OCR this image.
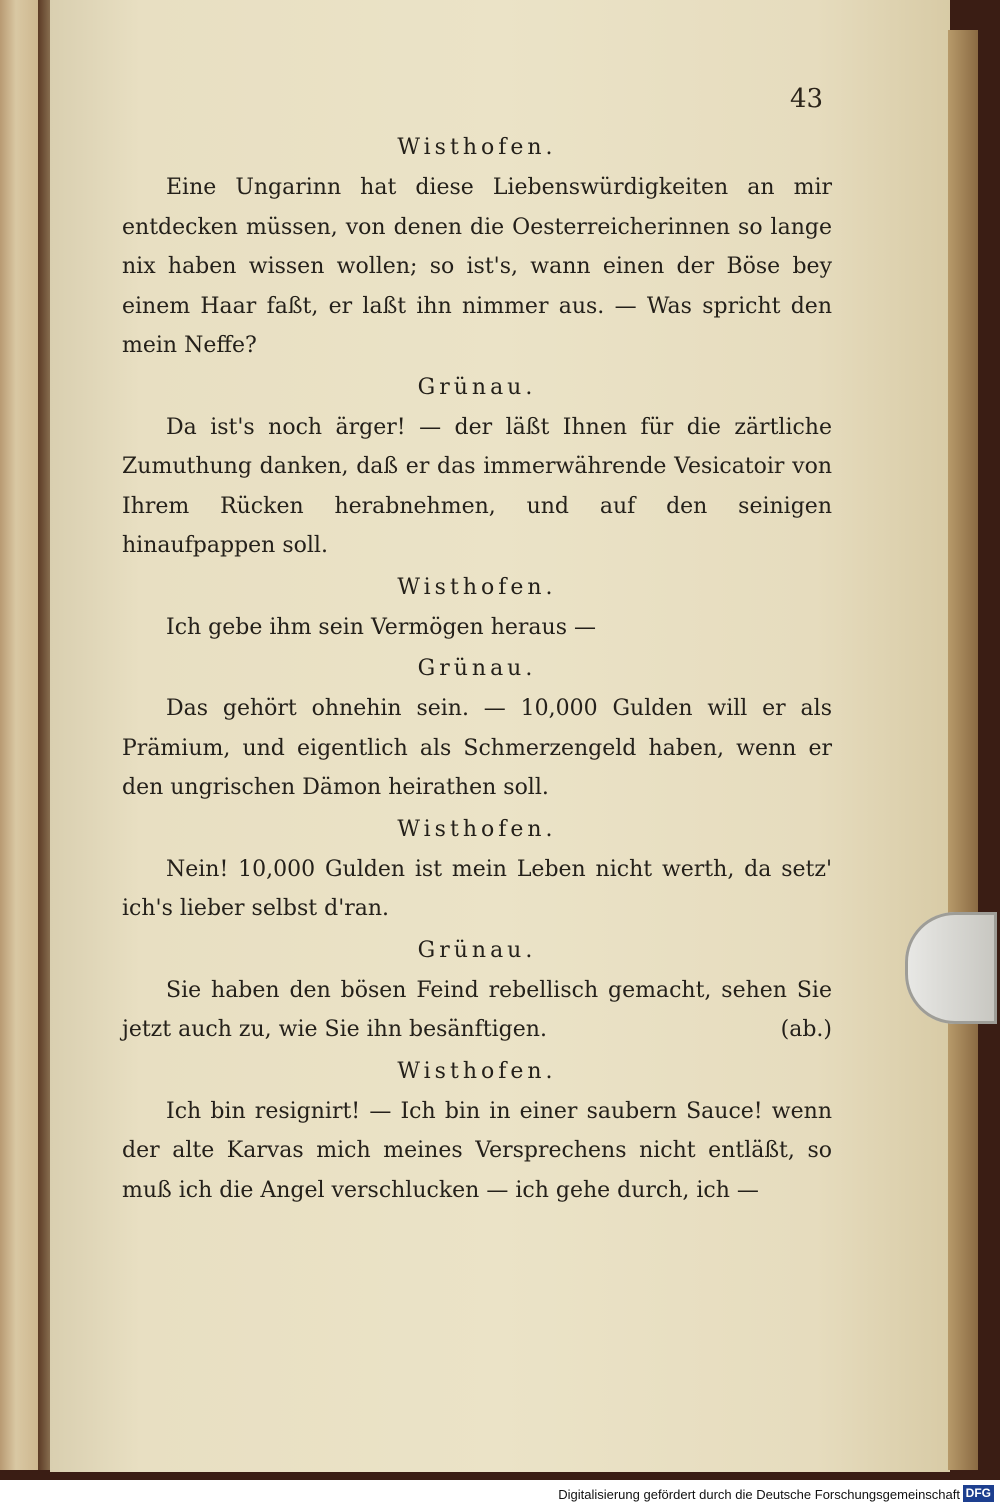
43

Wisthofen.

Eine Ungarinn hat diese Liebenswürdigkeiten an mir entdecken müssen, von denen die Oesterreicherinnen so lange nix haben wissen wollen; so ist's, wann einen der Böse bey einem Haar faßt, er laßt ihn nimmer aus. — Was spricht den mein Neffe?

Grünau.

Da ist's noch ärger! — der läßt Ihnen für die zärtliche Zumuthung danken, daß er das immerwährende Vesicatoir von Ihrem Rücken herabnehmen, und auf den seinigen hinaufpappen soll.

Wisthofen.

Ich gebe ihm sein Vermögen heraus —

Grünau.

Das gehört ohnehin sein. — 10,000 Gulden will er als Prämium, und eigentlich als Schmerzengeld haben, wenn er den ungrischen Dämon heirathen soll.

Wisthofen.

Nein! 10,000 Gulden ist mein Leben nicht werth, da setz' ich's lieber selbst d'ran.

Grünau.

Sie haben den bösen Feind rebellisch gemacht, sehen Sie jetzt auch zu, wie Sie ihn besänftigen.	(ab.)

Wisthofen.

Ich bin resignirt! — Ich bin in einer saubern Sauce! wenn der alte Karvas mich meines Versprechens nicht entläßt, so muß ich die Angel verschlucken — ich gehe durch, ich —

Digitalisierung gefördert durch die Deutsche Forschungsgemeinschaft DFG
